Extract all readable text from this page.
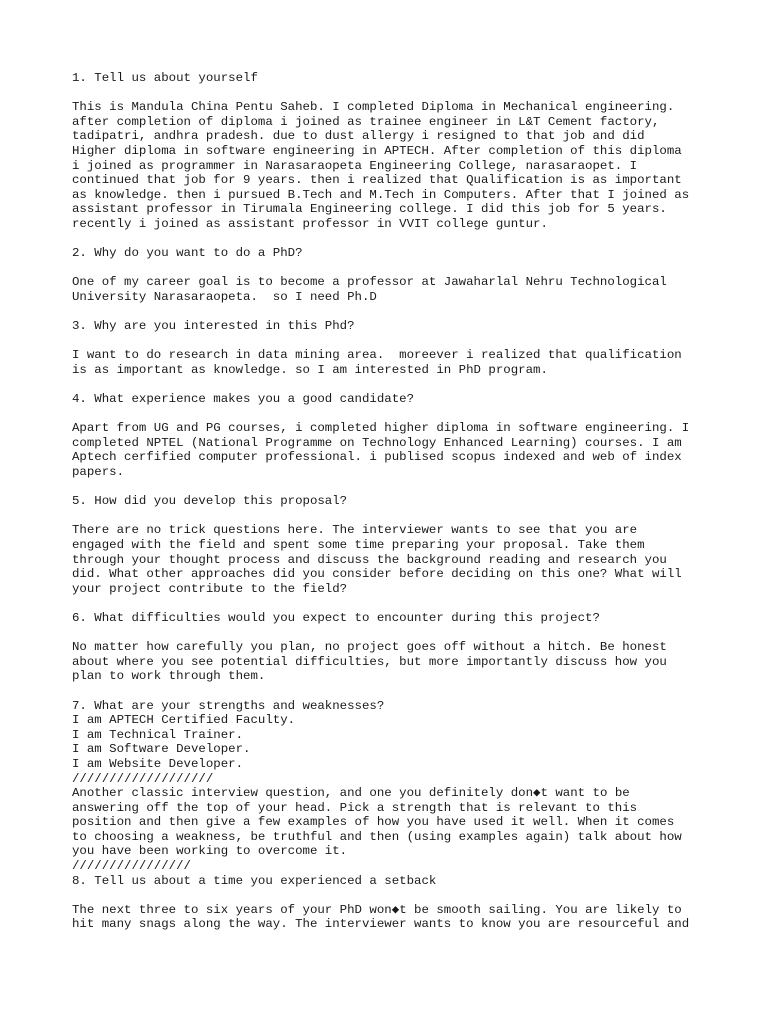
1. Tell us about yourself
This is Mandula China Pentu Saheb. I completed Diploma in Mechanical engineering.
after completion of diploma i joined as trainee engineer in L&T Cement factory,
tadipatri, andhra pradesh. due to dust allergy i resigned to that job and did
Higher diploma in software engineering in APTECH. After completion of this diploma
i joined as programmer in Narasaraopeta Engineering College, narasaraopet. I
continued that job for 9 years. then i realized that Qualification is as important
as knowledge. then i pursued B.Tech and M.Tech in Computers. After that I joined as
assistant professor in Tirumala Engineering college. I did this job for 5 years.
recently i joined as assistant professor in VVIT college guntur.
2. Why do you want to do a PhD?
One of my career goal is to become a professor at Jawaharlal Nehru Technological
University Narasaraopeta.  so I need Ph.D
3. Why are you interested in this Phd?
I want to do research in data mining area.  moreever i realized that qualification
is as important as knowledge. so I am interested in PhD program.
4. What experience makes you a good candidate?
Apart from UG and PG courses, i completed higher diploma in software engineering. I
completed NPTEL (National Programme on Technology Enhanced Learning) courses. I am
Aptech cerfified computer professional. i publised scopus indexed and web of index
papers.
5. How did you develop this proposal?
There are no trick questions here. The interviewer wants to see that you are
engaged with the field and spent some time preparing your proposal. Take them
through your thought process and discuss the background reading and research you
did. What other approaches did you consider before deciding on this one? What will
your project contribute to the field?
6. What difficulties would you expect to encounter during this project?
No matter how carefully you plan, no project goes off without a hitch. Be honest
about where you see potential difficulties, but more importantly discuss how you
plan to work through them.
7. What are your strengths and weaknesses?
I am APTECH Certified Faculty.
I am Technical Trainer.
I am Software Developer.
I am Website Developer.
///////////////////
Another classic interview question, and one you definitely don◆t want to be
answering off the top of your head. Pick a strength that is relevant to this
position and then give a few examples of how you have used it well. When it comes
to choosing a weakness, be truthful and then (using examples again) talk about how
you have been working to overcome it.
////////////////
8. Tell us about a time you experienced a setback
The next three to six years of your PhD won◆t be smooth sailing. You are likely to
hit many snags along the way. The interviewer wants to know you are resourceful and
